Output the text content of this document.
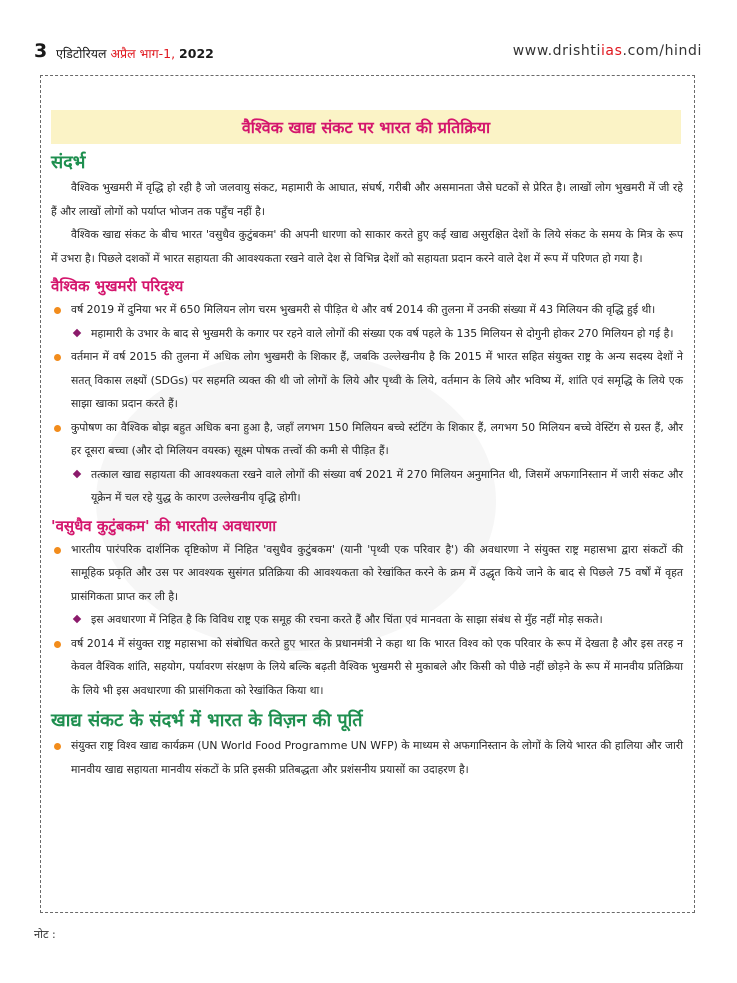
3 एडिटोरियल अप्रैल भाग-1, 2022	www.drishtiias.com/hindi
वैश्विक खाद्य संकट पर भारत की प्रतिक्रिया
संदर्भ

वैश्विक भुखमरी में वृद्धि हो रही है जो जलवायु संकट, महामारी के आघात, संघर्ष, गरीबी और असमानता जैसे घटकों से प्रेरित है। लाखों लोग भुखमरी में जी रहे हैं और लाखों लोगों को पर्याप्त भोजन तक पहुँच नहीं है।

वैश्विक खाद्य संकट के बीच भारत 'वसुधैव कुटुंबकम' की अपनी धारणा को साकार करते हुए कई खाद्य असुरक्षित देशों के लिये संकट के समय के मित्र के रूप में उभरा है। पिछले दशकों में भारत सहायता की आवश्यकता रखने वाले देश से विभिन्न देशों को सहायता प्रदान करने वाले देश में रूप में परिणत हो गया है।

वैश्विक भुखमरी परिदृश्य
वर्ष 2019 में दुनिया भर में 650 मिलियन लोग चरम भुखमरी से पीड़ित थे और वर्ष 2014 की तुलना में उनकी संख्या में 43 मिलियन की वृद्धि हुई थी।
महामारी के उभार के बाद से भुखमरी के कगार पर रहने वाले लोगों की संख्या एक वर्ष पहले के 135 मिलियन से दोगुनी होकर 270 मिलियन हो गई है।
वर्तमान में वर्ष 2015 की तुलना में अधिक लोग भुखमरी के शिकार हैं, जबकि उल्लेखनीय है कि 2015 में भारत सहित संयुक्त राष्ट्र के अन्य सदस्य देशों ने सतत् विकास लक्ष्यों (SDGs) पर सहमति व्यक्त की थी जो लोगों के लिये और पृथ्वी के लिये, वर्तमान के लिये और भविष्य में, शांति एवं समृद्धि के लिये एक साझा खाका प्रदान करते हैं।
कुपोषण का वैश्विक बोझ बहुत अधिक बना हुआ है, जहाँ लगभग 150 मिलियन बच्चे स्टंटिंग के शिकार हैं, लगभग 50 मिलियन बच्चे वेस्टिंग से ग्रस्त हैं, और हर दूसरा बच्चा (और दो मिलियन वयस्क) सूक्ष्म पोषक तत्त्वों की कमी से पीड़ित हैं।
तत्काल खाद्य सहायता की आवश्यकता रखने वाले लोगों की संख्या वर्ष 2021 में 270 मिलियन अनुमानित थी, जिसमें अफगानिस्तान में जारी संकट और यूक्रेन में चल रहे युद्ध के कारण उल्लेखनीय वृद्धि होगी।
'वसुधैव कुटुंबकम' की भारतीय अवधारणा
भारतीय पारंपरिक दार्शनिक दृष्टिकोण में निहित 'वसुधैव कुटुंबकम' (यानी 'पृथ्वी एक परिवार है') की अवधारणा ने संयुक्त राष्ट्र महासभा द्वारा संकटों की सामूहिक प्रकृति और उस पर आवश्यक सुसंगत प्रतिक्रिया की आवश्यकता को रेखांकित करने के क्रम में उद्धृत किये जाने के बाद से पिछले 75 वर्षों में वृहत प्रासंगिकता प्राप्त कर ली है।
इस अवधारणा में निहित है कि विविध राष्ट्र एक समूह की रचना करते हैं और चिंता एवं मानवता के साझा संबंध से मुँह नहीं मोड़ सकते।
वर्ष 2014 में संयुक्त राष्ट्र महासभा को संबोधित करते हुए भारत के प्रधानमंत्री ने कहा था कि भारत विश्व को एक परिवार के रूप में देखता है और इस तरह न केवल वैश्विक शांति, सहयोग, पर्यावरण संरक्षण के लिये बल्कि बढ़ती वैश्विक भुखमरी से मुकाबले और किसी को पीछे नहीं छोड़ने के रूप में मानवीय प्रतिक्रिया के लिये भी इस अवधारणा की प्रासंगिकता को रेखांकित किया था।
खाद्य संकट के संदर्भ में भारत के विज़न की पूर्ति
संयुक्त राष्ट्र विश्व खाद्य कार्यक्रम (UN World Food Programme UN WFP) के माध्यम से अफगानिस्तान के लोगों के लिये भारत की हालिया और जारी मानवीय खाद्य सहायता मानवीय संकटों के प्रति इसकी प्रतिबद्धता और प्रशंसनीय प्रयासों का उदाहरण है।
नोट :
